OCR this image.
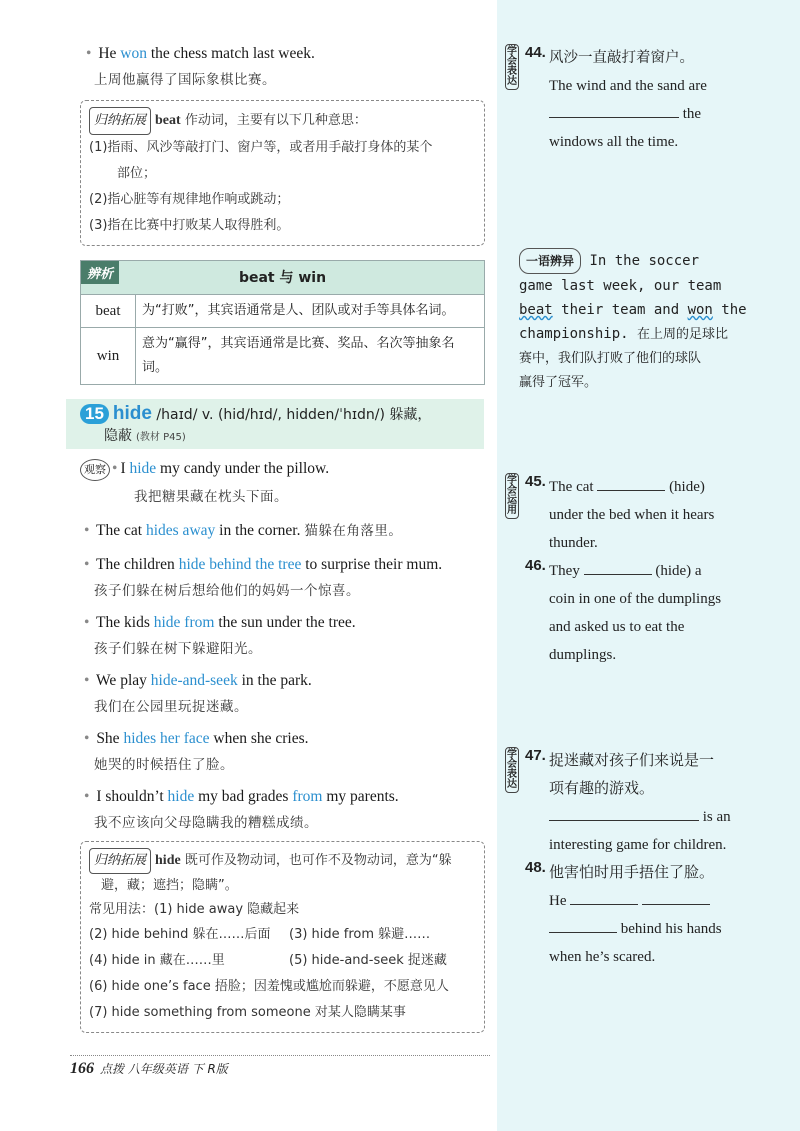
• He won the chess match last week.
上周他赢得了国际象棋比赛。
归纳拓展 beat 作动词，主要有以下几种意思：
(1)指雨、风沙等敲打门、窗户等，或者用手敲打身体的某个
部位；
(2)指心脏等有规律地作响或跳动；
(3)指在比赛中打败某人取得胜利。
辨析	beat 与 win
beat	为“打败”，其宾语通常是人、团队或对手等具体名词。
win
意为“赢得”，其宾语通常是比赛、奖品、名次等抽象名词。
15 hide /haɪd/ v. (hid/hɪd/, hidden/ˈhɪdn/) 躲藏，
隐蔽 (教材 P45)
观察• I hide my candy under the pillow.
我把糖果藏在枕头下面。
• The cat hides away in the corner. 猫躲在角落里。
• The children hide behind the tree to surprise their mum.
孩子们躲在树后想给他们的妈妈一个惊喜。
• The kids hide from the sun under the tree.
孩子们躲在树下躲避阳光。
• We play hide-and-seek in the park.
我们在公园里玩捉迷藏。
• She hides her face when she cries.
她哭的时候捂住了脸。
• I shouldn’t hide my bad grades from my parents.
我不应该向父母隐瞒我的糟糕成绩。
归纳拓展 hide 既可作及物动词，也可作不及物动词，意为“躲
避，藏；遮挡；隐瞒”。
常见用法：(1) hide away 隐藏起来
(2) hide behind 躲在……后面	(3) hide from 躲避……
(4) hide in 藏在……里	(5) hide-and-seek 捉迷藏
(6) hide one’s face 捂脸；因羞愧或尴尬而躲避，不愿意见人
(7) hide something from someone 对某人隐瞒某事
学会表达
44. 风沙一直敲打着窗户。
The wind and the sand are
the
windows all the time.
一语辨异 In the soccer
game last week, our team
beat their team and won the
championship. 在上周的足球比
赛中，我们队打败了他们的球队
赢得了冠军。
学会运用
45. The cat	(hide)
under the bed when it hears
thunder.
46. They	(hide) a
coin in one of the dumplings
and asked us to eat the
dumplings.
学会表达
47. 捉迷藏对孩子们来说是一
项有趣的游戏。
is an
interesting game for children.
48. 他害怕时用手捂住了脸。
He
behind his hands
when he’s scared.
166 点拨 八年级英语 下 R版
